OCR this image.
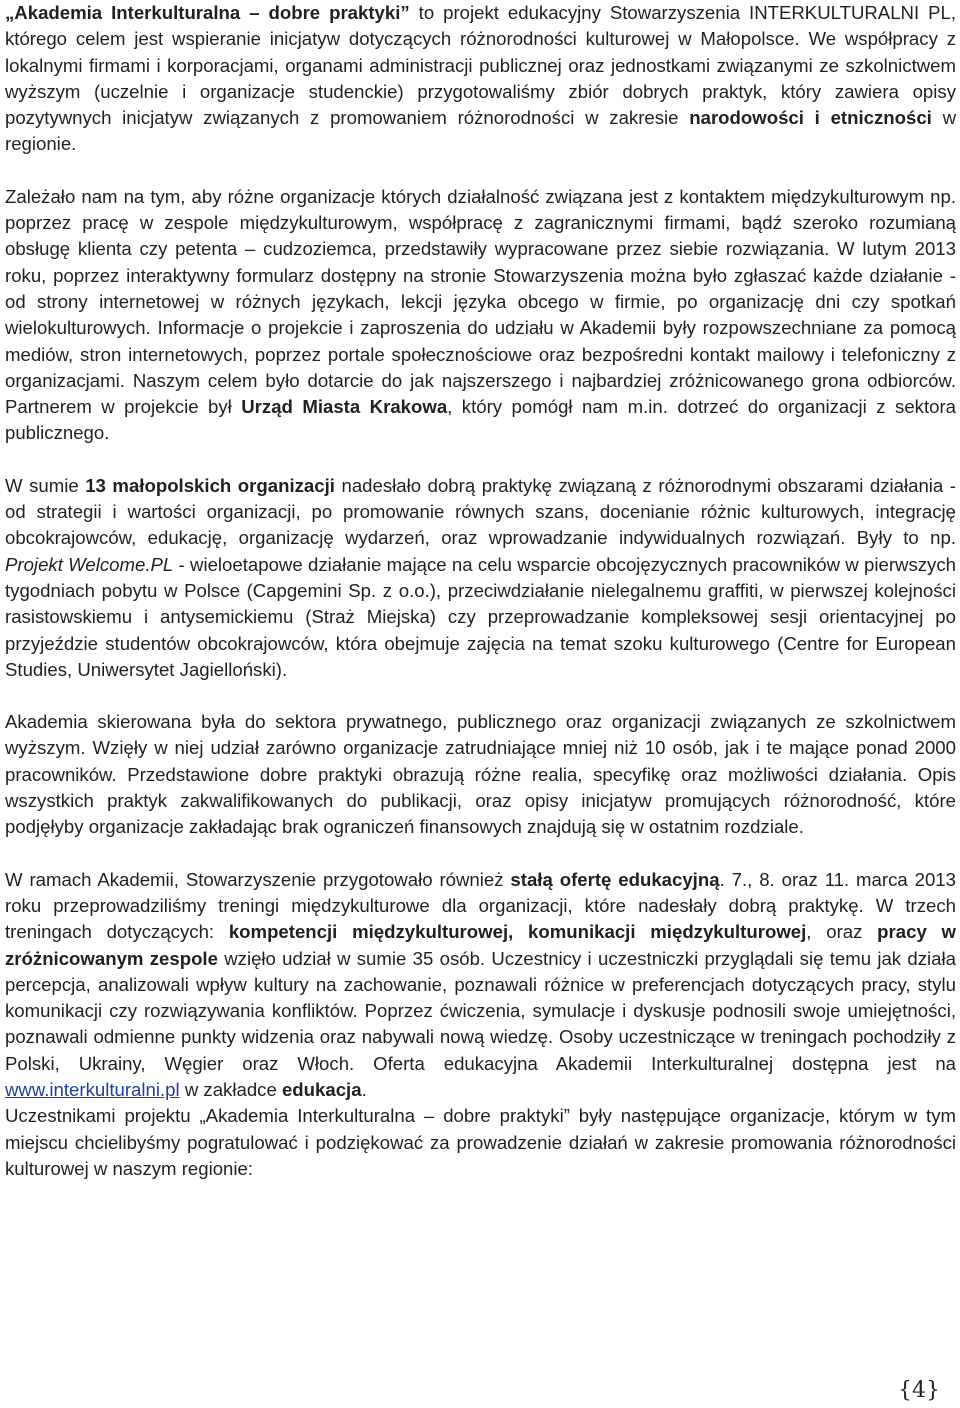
„Akademia Interkulturalna – dobre praktyki” to projekt edukacyjny Stowarzyszenia INTERKULTURALNI PL, którego celem jest wspieranie inicjatyw dotyczących różnorodności kulturowej w Małopolsce. We współpracy z lokalnymi firmami i korporacjami, organami administracji publicznej oraz jednostkami związanymi ze szkolnictwem wyższym (uczelnie i organizacje studenckie) przygotowaliśmy zbiór dobrych praktyk, który zawiera opisy pozytywnych inicjatyw związanych z promowaniem różnorodności w zakresie narodowości i etniczności w regionie.

Zależało nam na tym, aby różne organizacje których działalność związana jest z kontaktem międzykulturowym np. poprzez pracę w zespole międzykulturowym, współpracę z zagranicznymi firmami, bądź szeroko rozumianą obsługę klienta czy petenta – cudzoziemca, przedstawiły wypracowane przez siebie rozwiązania. W lutym 2013 roku, poprzez interaktywny formularz dostępny na stronie Stowarzyszenia można było zgłaszać każde działanie - od strony internetowej w różnych językach, lekcji języka obcego w firmie, po organizację dni czy spotkań wielokulturowych. Informacje o projekcie i zaproszenia do udziału w Akademii były rozpowszechniane za pomocą mediów, stron internetowych, poprzez portale społecznościowe oraz bezpośredni kontakt mailowy i telefoniczny z organizacjami. Naszym celem było dotarcie do jak najszerszego i najbardziej zróżnicowanego grona odbiorców. Partnerem w projekcie był Urząd Miasta Krakowa, który pomógł nam m.in. dotrzeć do organizacji z sektora publicznego.

W sumie 13 małopolskich organizacji nadesłało dobrą praktykę związaną z różnorodnymi obszarami działania - od strategii i wartości organizacji, po promowanie równych szans, docenianie różnic kulturowych, integrację obcokrajowców, edukację, organizację wydarzeń, oraz wprowadzanie indywidualnych rozwiązań. Były to np. Projekt Welcome.PL - wieloetapowe działanie mające na celu wsparcie obcojęzycznych pracowników w pierwszych tygodniach pobytu w Polsce (Capgemini Sp. z o.o.), przeciwdziałanie nielegalnemu graffiti, w pierwszej kolejności rasistowskiemu i antysemickiemu (Straż Miejska) czy przeprowadzanie kompleksowej sesji orientacyjnej po przyjeździe studentów obcokrajowców, która obejmuje zajęcia na temat szoku kulturowego (Centre for European Studies, Uniwersytet Jagielloński).

Akademia skierowana była do sektora prywatnego, publicznego oraz organizacji związanych ze szkolnictwem wyższym. Wzięły w niej udział zarówno organizacje zatrudniające mniej niż 10 osób, jak i te mające ponad 2000 pracowników. Przedstawione dobre praktyki obrazują różne realia, specyfikę oraz możliwości działania. Opis wszystkich praktyk zakwalifikowanych do publikacji, oraz opisy inicjatyw promujących różnorodność, które podjęłyby organizacje zakładając brak ograniczeń finansowych znajdują się w ostatnim rozdziale.

W ramach Akademii, Stowarzyszenie przygotowało również stałą ofertę edukacyjną. 7., 8. oraz 11. marca 2013 roku przeprowadziliśmy treningi międzykulturowe dla organizacji, które nadesłały dobrą praktykę. W trzech treningach dotyczących: kompetencji międzykulturowej, komunikacji międzykulturowej, oraz pracy w zróżnicowanym zespole wzięło udział w sumie 35 osób. Uczestnicy i uczestniczki przyglądali się temu jak działa percepcja, analizowali wpływ kultury na zachowanie, poznawali różnice w preferencjach dotyczących pracy, stylu komunikacji czy rozwiązywania konfliktów. Poprzez ćwiczenia, symulacje i dyskusje podnosili swoje umiejętności, poznawali odmienne punkty widzenia oraz nabywali nową wiedzę. Osoby uczestniczące w treningach pochodziły z Polski, Ukrainy, Węgier oraz Włoch. Oferta edukacyjna Akademii Interkulturalnej dostępna jest na www.interkulturalni.pl w zakładce edukacja.

Uczestnikami projektu „Akademia Interkulturalna – dobre praktyki” były następujące organizacje, którym w tym miejscu chcielibyśmy pogratulować i podziękować za prowadzenie działań w zakresie promowania różnorodności kulturowej w naszym regionie:

{4}
